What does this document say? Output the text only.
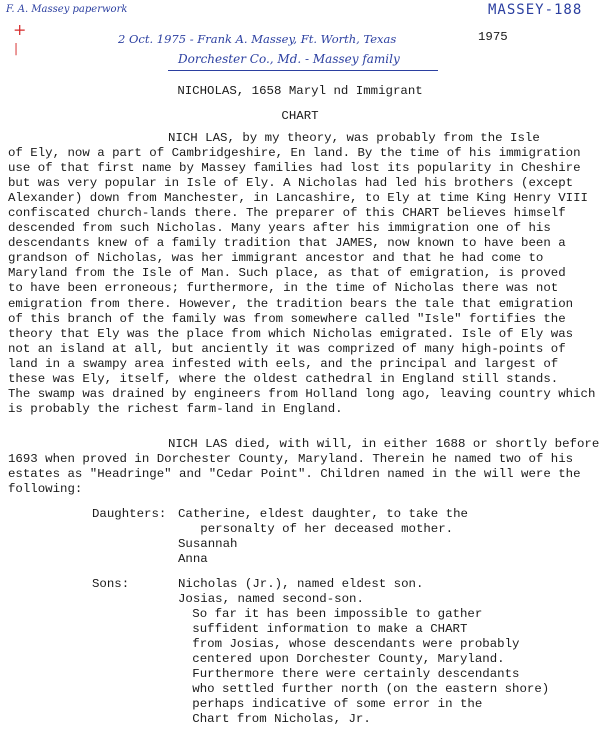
F. A. Massey paperwork
+
|
MASSEY-188
1975
2 Oct. 1975 - Frank A. Massey, Ft. Worth, Texas
Dorchester Co., Md. - Massey family
NICHOLAS, 1658 Maryl nd Immigrant
CHART
NICH LAS, by my theory, was probably from the Isle
of Ely, now a part of Cambridgeshire, En land. By the time of his immigration
use of that first name by Massey families had lost its popularity in Cheshire
but was very popular in Isle of Ely. A Nicholas had led his brothers (except
Alexander) down from Manchester, in Lancashire, to Ely at time King Henry VIII
confiscated church-lands there. The preparer of this CHART believes himself
descended from such Nicholas. Many years after his immigration one of his
descendants knew of a family tradition that JAMES, now known to have been a
grandson of Nicholas, was her immigrant ancestor and that he had come to
Maryland from the Isle of Man. Such place, as that of emigration, is proved
to have been erroneous; furthermore, in the time of Nicholas there was not
emigration from there. However, the tradition bears the tale that emigration
of this branch of the family was from somewhere called "Isle" fortifies the
theory that Ely was the place from which Nicholas emigrated. Isle of Ely was
not an island at all, but anciently it was comprized of many high-points of
land in a swampy area infested with eels, and the principal and largest of
these was Ely, itself, where the oldest cathedral in England still stands.
The swamp was drained by engineers from Holland long ago, leaving country which
is probably the richest farm-land in England.
NICH LAS died, with will, in either 1688 or shortly before
1693 when proved in Dorchester County, Maryland. Therein he named two of his
estates as "Headringe" and "Cedar Point". Children named in the will were the
following:
Daughters: Catherine, eldest daughter, to take the
personalty of her deceased mother.
Susannah
Anna
Sons:	Nicholas (Jr.), named eldest son.
Josias, named second-son.
So far it has been impossible to gather
suffident information to make a CHART
from Josias, whose descendants were probably
centered upon Dorchester County, Maryland.
Furthermore there were certainly descendants
who settled further north (on the eastern shore)
perhaps indicative of some error in the
Chart from Nicholas, Jr.
